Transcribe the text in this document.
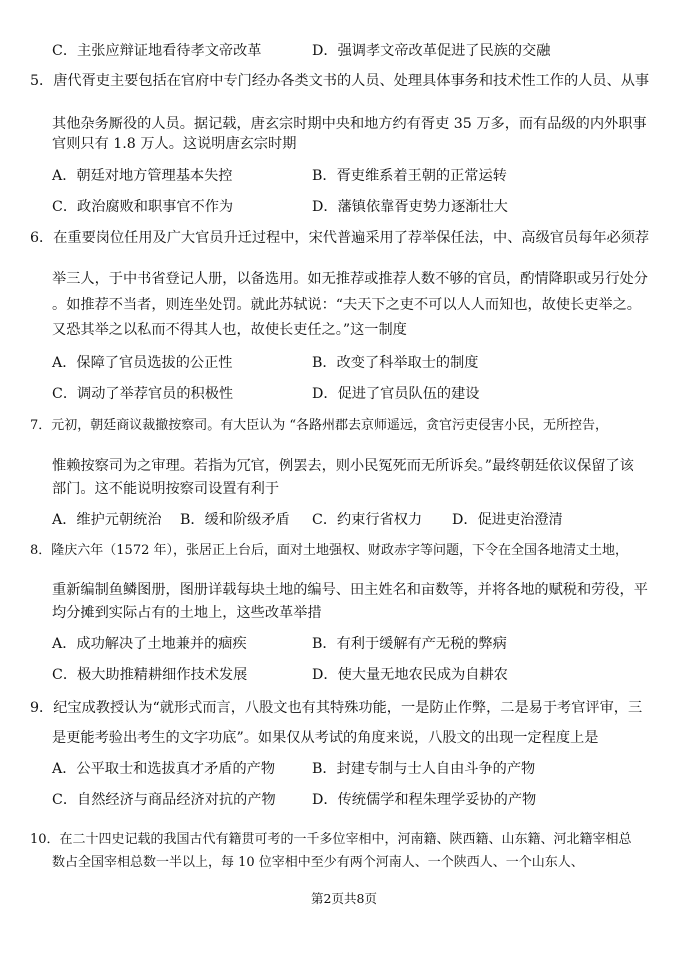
C．主张应辩证地看待孝文帝改革	D．强调孝文帝改革促进了民族的交融
5．唐代胥吏主要包括在官府中专门经办各类文书的人员、处理具体事务和技术性工作的人员、从事
其他杂务厮役的人员。据记载，唐玄宗时期中央和地方约有胥吏 35 万多，而有品级的内外职事
官则只有 1.8 万人。这说明唐玄宗时期
A．朝廷对地方管理基本失控	B．胥吏维系着王朝的正常运转
C．政治腐败和职事官不作为	D．藩镇依靠胥吏势力逐渐壮大
6．在重要岗位任用及广大官员升迁过程中，宋代普遍采用了荐举保任法，中、高级官员每年必须荐
举三人，于中书省登记人册，以备选用。如无推荐或推荐人数不够的官员，酌情降职或另行处分
。如推荐不当者，则连坐处罚。就此苏轼说：“夫天下之吏不可以人人而知也，故使长吏举之。
又恐其举之以私而不得其人也，故使长吏任之。”这一制度
A．保障了官员选拔的公正性	B．改变了科举取士的制度
C．调动了举荐官员的积极性	D．促进了官员队伍的建设
7．元初，朝廷商议裁撤按察司。有大臣认为 “各路州郡去京师遥远，贪官污吏侵害小民，无所控告，
惟赖按察司为之审理。若指为冗官，例罢去，则小民冤死而无所诉矣。”最终朝廷依议保留了该
部门。这不能说明按察司设置有利于
A．维护元朝统治 B．缓和阶级矛盾 C．约束行省权力 D．促进吏治澄清
8．隆庆六年（1572 年），张居正上台后，面对土地强权、财政赤字等问题，下令在全国各地清丈土地，
重新编制鱼鳞图册，图册详载每块土地的编号、田主姓名和亩数等，并将各地的赋税和劳役，平
均分摊到实际占有的土地上，这些改革举措
A．成功解决了土地兼并的痼疾	B．有利于缓解有产无税的弊病
C．极大助推精耕细作技术发展	D．使大量无地农民成为自耕农
9．纪宝成教授认为“就形式而言，八股文也有其特殊功能，一是防止作弊，二是易于考官评审，三
是更能考验出考生的文字功底”。如果仅从考试的角度来说，八股文的出现一定程度上是
A．公平取士和选拔真才矛盾的产物	B．封建专制与士人自由斗争的产物
C．自然经济与商品经济对抗的产物	D．传统儒学和程朱理学妥协的产物
10．在二十四史记载的我国古代有籍贯可考的一千多位宰相中，河南籍、陕西籍、山东籍、河北籍宰相总
数占全国宰相总数一半以上，每 10 位宰相中至少有两个河南人、一个陕西人、一个山东人、
第2页共8页
